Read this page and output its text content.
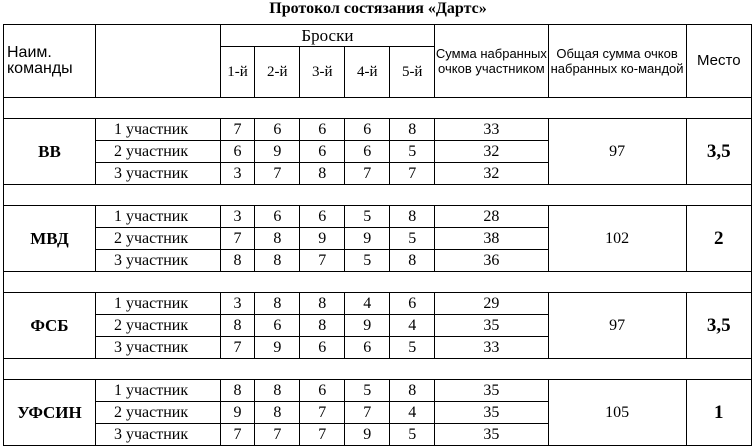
Протокол состязания «Дартс»
Наим. команды		Броски					Сумма набранных очков участником	Общая сумма очков набранных ко-мандой	Место
		1-й	2-й	3-й	4-й	5-й			

ВВ	1 участник	7	6	6	6	8	33	97	3,5
	2 участник	6	9	6	6	5	32		
	3 участник	3	7	8	7	7	32		

МВД	1 участник	3	6	6	5	8	28	102	2
	2 участник	7	8	9	9	5	38		
	3 участник	8	8	7	5	8	36		

ФСБ	1 участник	3	8	8	4	6	29	97	3,5
	2 участник	8	6	8	9	4	35		
	3 участник	7	9	6	6	5	33		

УФСИН	1 участник	8	8	6	5	8	35	105	1
	2 участник	9	8	7	7	4	35		
	3 участник	7	7	7	9	5	35		
